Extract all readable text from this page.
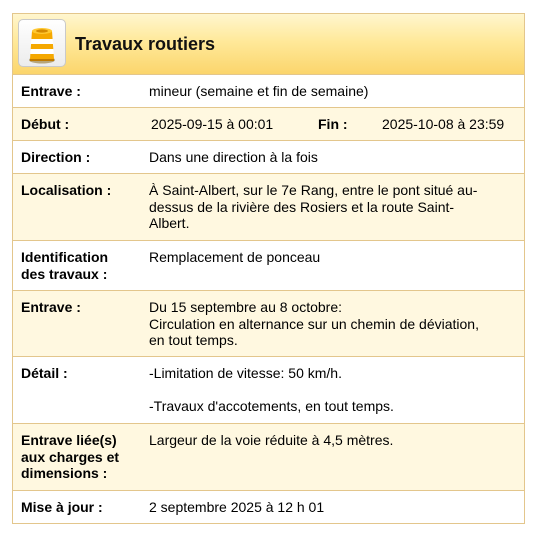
Travaux routiers
Entrave :	mineur (semaine et fin de semaine)
Début :	2025-09-15 à 00:01	Fin : 2025-10-08 à 23:59
Direction :	Dans une direction à la fois
Localisation :	À Saint-Albert, sur le 7e Rang, entre le pont situé au-
dessus de la rivière des Rosiers et la route Saint-
Albert.
Identification
des travaux :
Remplacement de ponceau
Entrave :	Du 15 septembre au 8 octobre:
Circulation en alternance sur un chemin de déviation,
en tout temps.
Détail :	-Limitation de vitesse: 50 km/h.
-Travaux d'accotements, en tout temps.
Entrave liée(s)
aux charges et
dimensions :
Largeur de la voie réduite à 4,5 mètres.
Mise à jour :	2 septembre 2025 à 12 h 01
